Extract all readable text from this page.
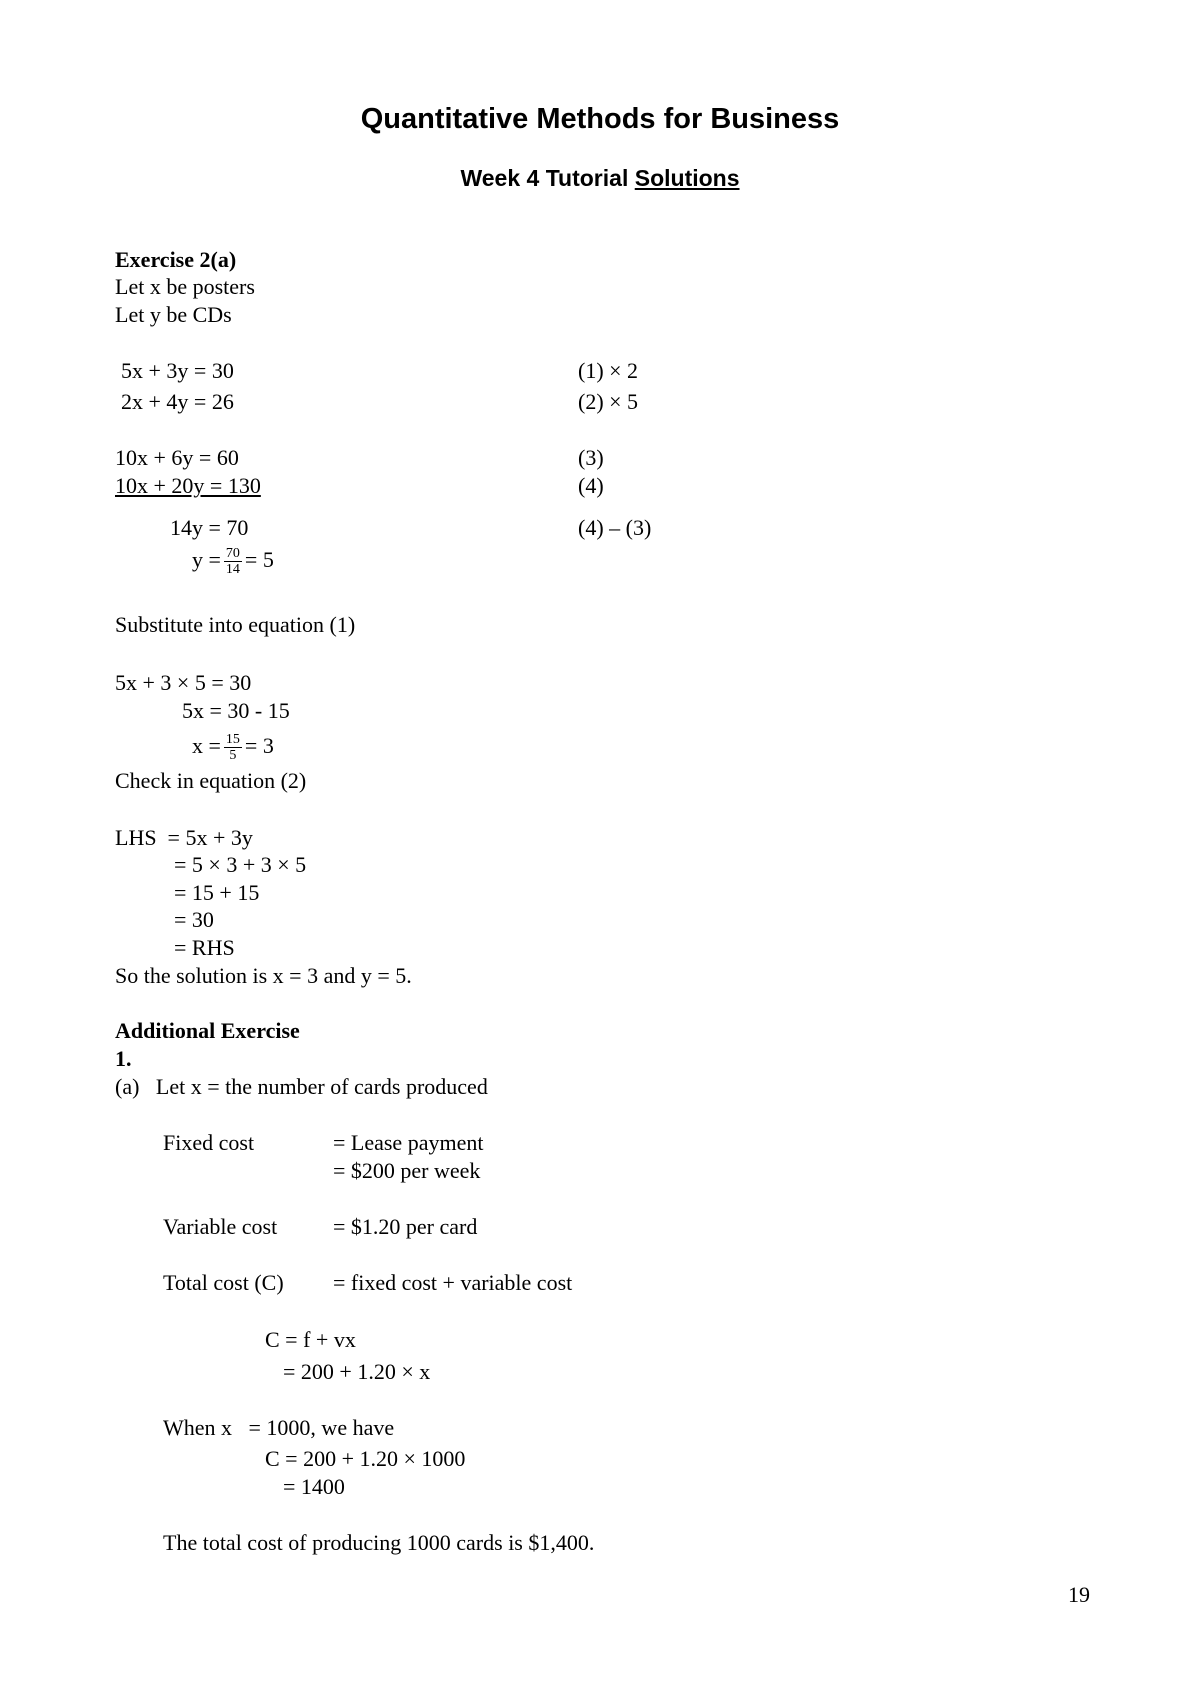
Quantitative Methods for Business
Week 4 Tutorial Solutions
Exercise 2(a)
Let x be posters
Let y be CDs
5x + 3y = 30	(1) × 2
2x + 4y = 26	(2) × 5
10x + 6y = 60	(3)
10x + 20y = 130	(4)
14y = 70	(4) – (3)
$y = \frac{70}{14} = 5$
Substitute into equation (1)
5x + 3 × 5 = 30
5x = 30 - 15
$x = \frac{15}{5} = 3$
Check in equation (2)
LHS  = 5x + 3y
= 5 × 3 + 3 × 5
= 15 + 15
= 30
= RHS
So the solution is x = 3 and y = 5.
Additional Exercise
1.
(a)   Let x = the number of cards produced
Fixed cost	= Lease payment
= $200 per week
Variable cost	= $1.20 per card
Total cost (C) = fixed cost + variable cost
C = f + vx
= 200 + 1.20 × x
When x   = 1000, we have
C = 200 + 1.20 × 1000
= 1400
The total cost of producing 1000 cards is $1,400.
19
